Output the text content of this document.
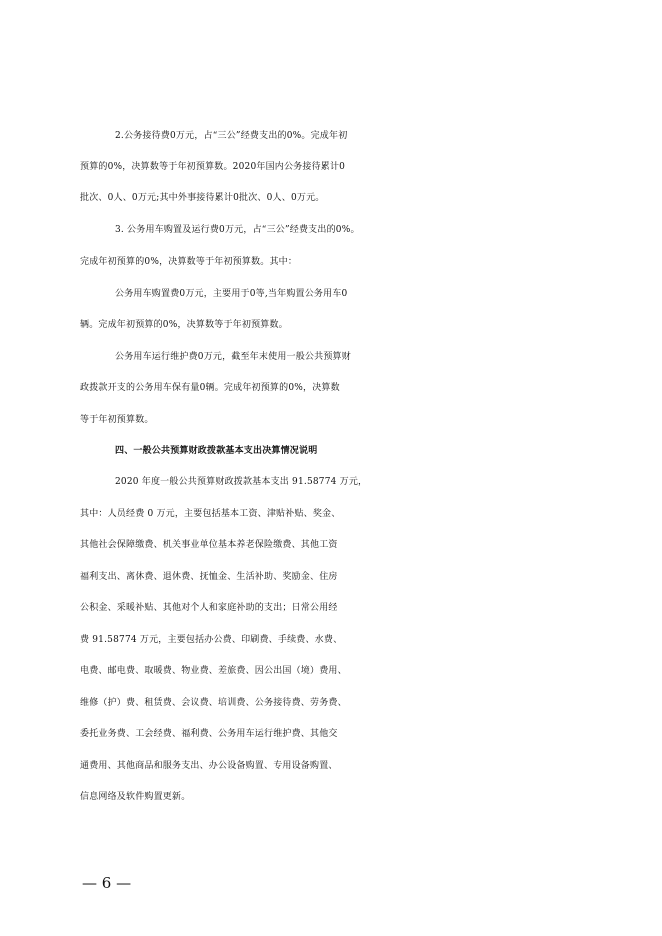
2.公务接待费0万元，占“三公”经费支出的0%。完成年初
预算的0%，决算数等于年初预算数。2020年国内公务接待累计0
批次、0人、0万元;其中外事接待累计0批次、0人、0万元。
3. 公务用车购置及运行费0万元，占“三公”经费支出的0%。
完成年初预算的0%，决算数等于年初预算数。其中：
公务用车购置费0万元，主要用于0等,当年购置公务用车0
辆。完成年初预算的0%，决算数等于年初预算数。
公务用车运行维护费0万元，截至年末使用一般公共预算财
政拨款开支的公务用车保有量0辆。完成年初预算的0%，决算数
等于年初预算数。
四、一般公共预算财政拨款基本支出决算情况说明
2020 年度一般公共预算财政拨款基本支出 91.58774 万元，
其中：人员经费 0 万元，主要包括基本工资、津贴补贴、奖金、
其他社会保障缴费、机关事业单位基本养老保险缴费、其他工资
福利支出、离休费、退休费、抚恤金、生活补助、奖励金、住房
公积金、采暖补贴、其他对个人和家庭补助的支出；日常公用经
费 91.58774 万元，主要包括办公费、印刷费、手续费、水费、
电费、邮电费、取暖费、物业费、差旅费、因公出国（境）费用、
维修（护）费、租赁费、会议费、培训费、公务接待费、劳务费、
委托业务费、工会经费、福利费、公务用车运行维护费、其他交
通费用、其他商品和服务支出、办公设备购置、专用设备购置、
信息网络及软件购置更新。
— 6 —
